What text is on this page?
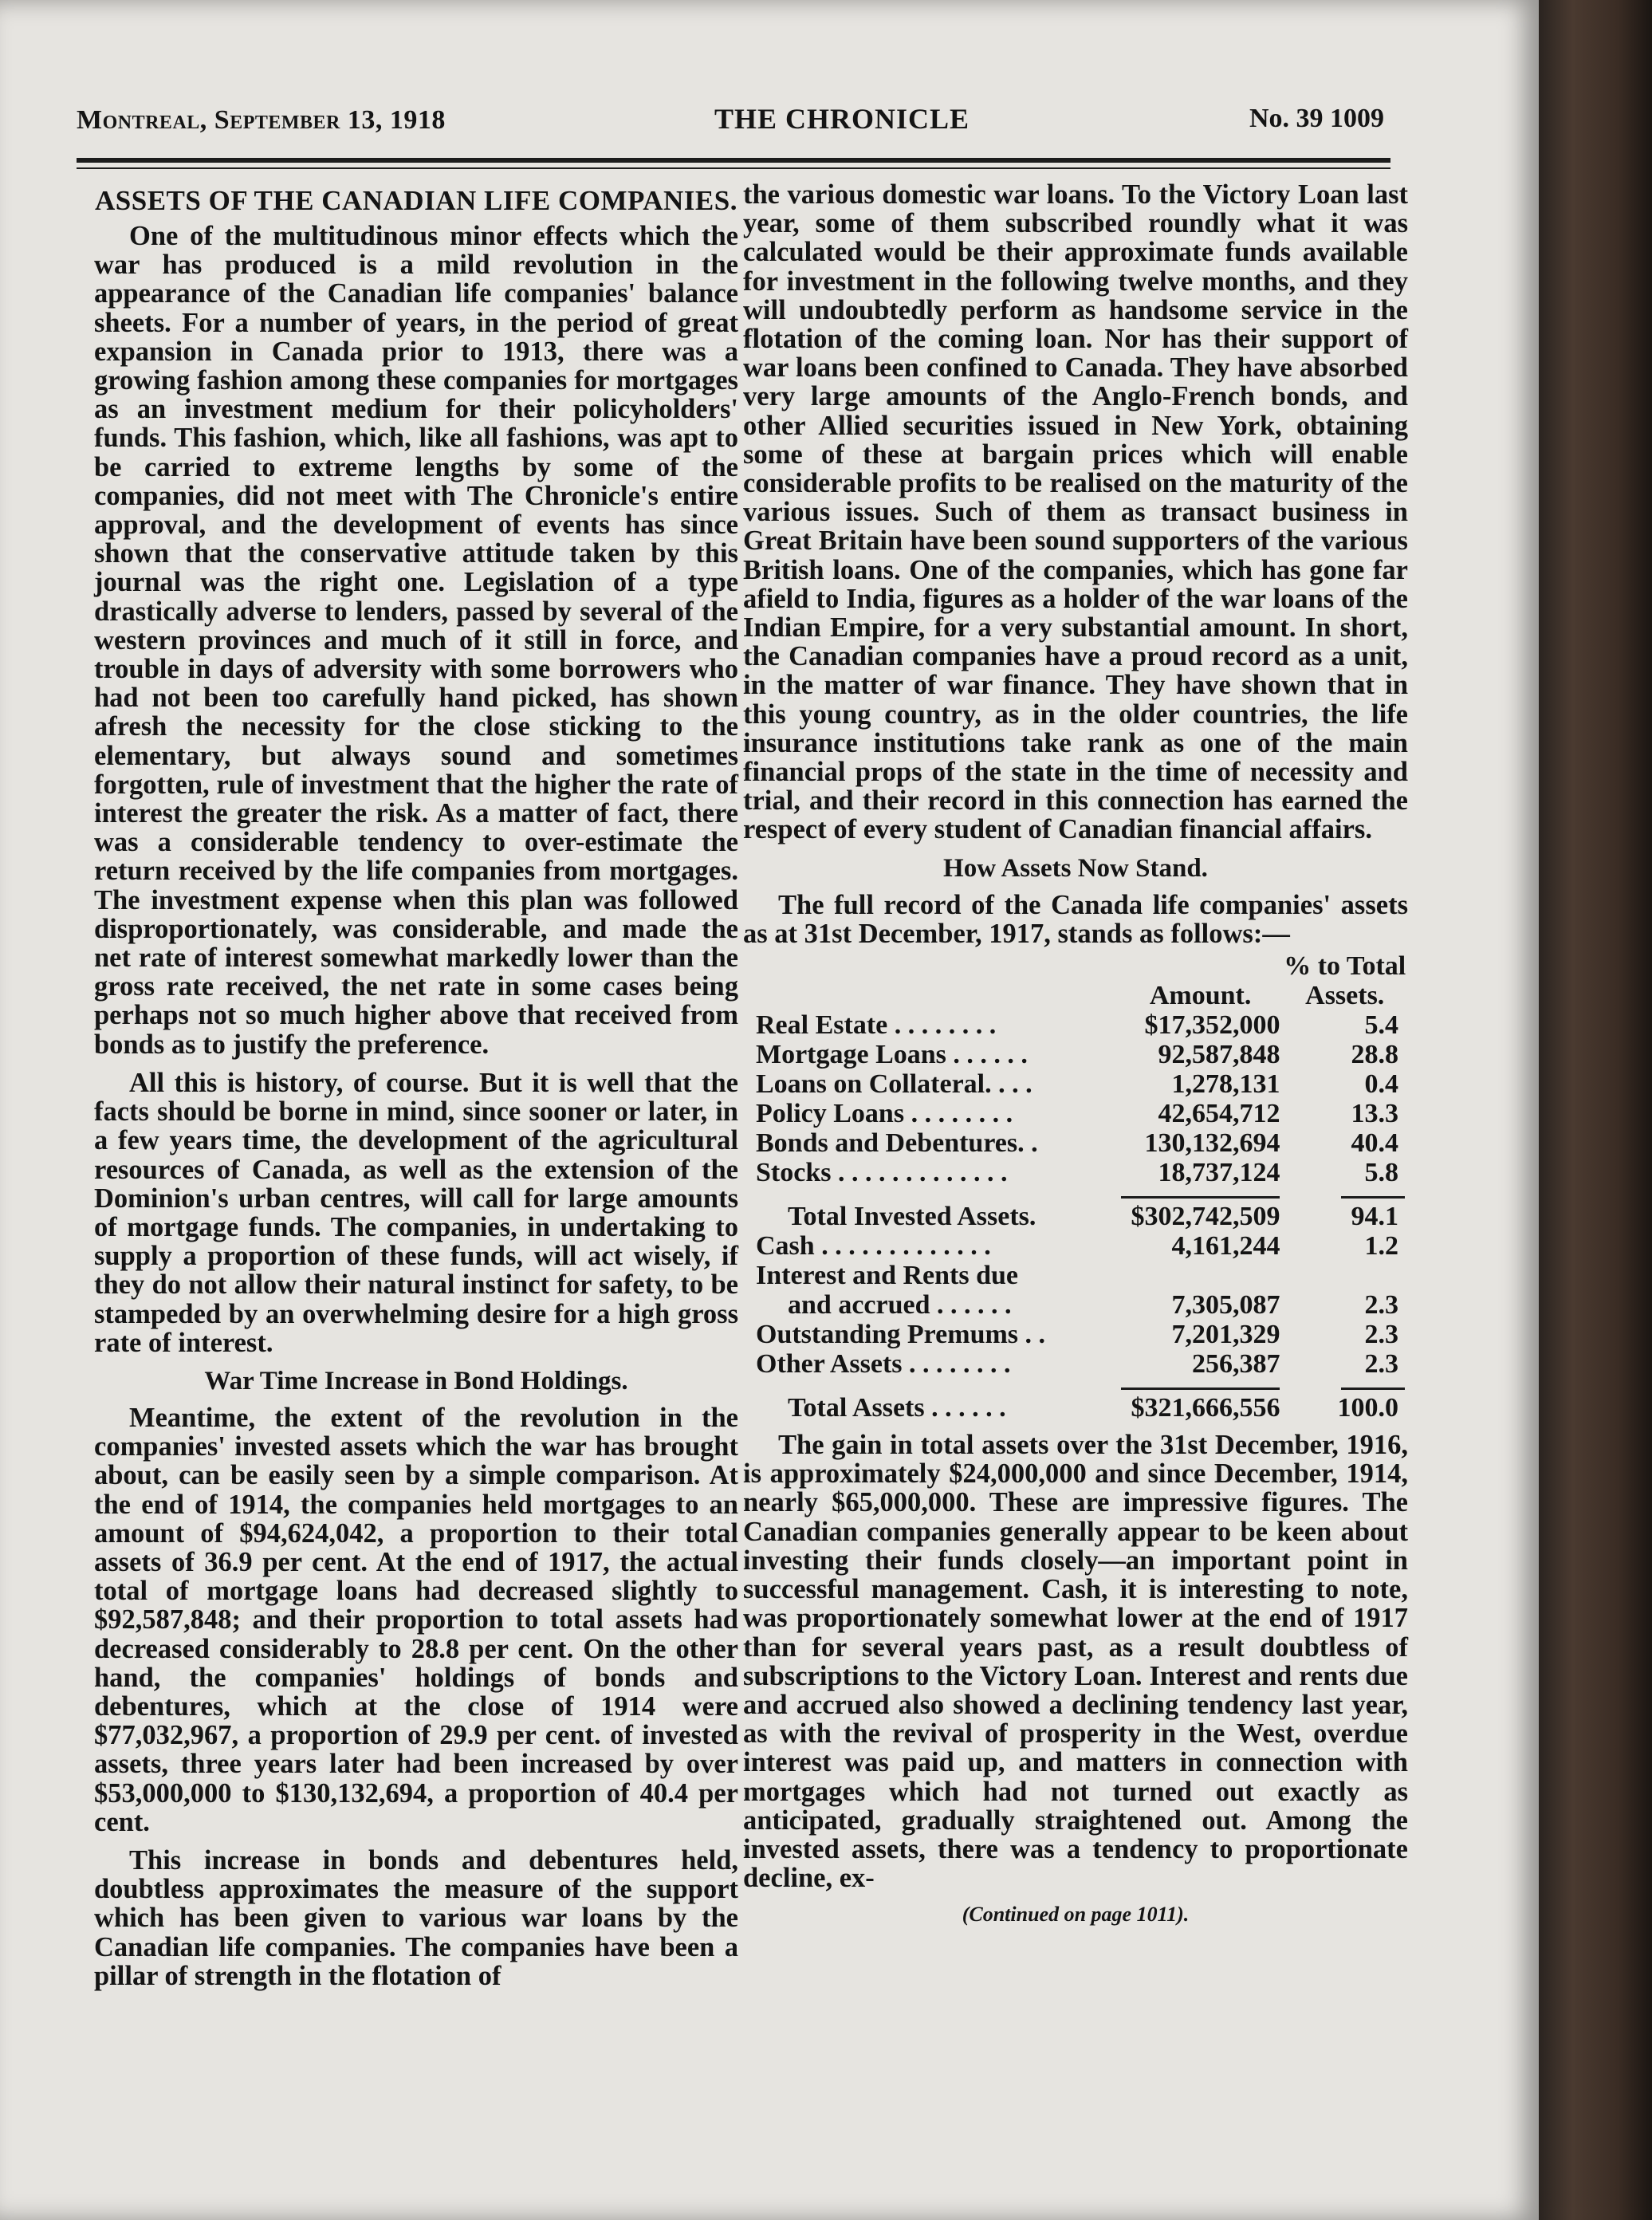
Montreal, September 13, 1918	THE CHRONICLE	No. 39 1009
ASSETS OF THE CANADIAN LIFE COMPANIES.

One of the multitudinous minor effects which the war has produced is a mild revolution in the appearance of the Canadian life companies' balance sheets. For a number of years, in the period of great expansion in Canada prior to 1913, there was a growing fashion among these companies for mortgages as an investment medium for their policyholders' funds. This fashion, which, like all fashions, was apt to be carried to extreme lengths by some of the companies, did not meet with The Chronicle's entire approval, and the development of events has since shown that the conservative attitude taken by this journal was the right one. Legislation of a type drastically adverse to lenders, passed by several of the western provinces and much of it still in force, and trouble in days of adversity with some borrowers who had not been too carefully hand picked, has shown afresh the necessity for the close sticking to the elementary, but always sound and sometimes forgotten, rule of investment that the higher the rate of interest the greater the risk. As a matter of fact, there was a considerable tendency to over-estimate the return received by the life companies from mortgages. The investment expense when this plan was followed disproportionately, was considerable, and made the net rate of interest somewhat markedly lower than the gross rate received, the net rate in some cases being perhaps not so much higher above that received from bonds as to justify the preference.

All this is history, of course. But it is well that the facts should be borne in mind, since sooner or later, in a few years time, the development of the agricultural resources of Canada, as well as the extension of the Dominion's urban centres, will call for large amounts of mortgage funds. The companies, in undertaking to supply a proportion of these funds, will act wisely, if they do not allow their natural instinct for safety, to be stampeded by an overwhelming desire for a high gross rate of interest.

War Time Increase in Bond Holdings.

Meantime, the extent of the revolution in the companies' invested assets which the war has brought about, can be easily seen by a simple comparison. At the end of 1914, the companies held mortgages to an amount of $94,624,042, a proportion to their total assets of 36.9 per cent. At the end of 1917, the actual total of mortgage loans had decreased slightly to $92,587,848; and their proportion to total assets had decreased considerably to 28.8 per cent. On the other hand, the companies' holdings of bonds and debentures, which at the close of 1914 were $77,032,967, a proportion of 29.9 per cent. of invested assets, three years later had been increased by over $53,000,000 to $130,132,694, a proportion of 40.4 per cent.

This increase in bonds and debentures held, doubtless approximates the measure of the support which has been given to various war loans by the Canadian life companies. The companies have been a pillar of strength in the flotation of

the various domestic war loans. To the Victory Loan last year, some of them subscribed roundly what it was calculated would be their approximate funds available for investment in the following twelve months, and they will undoubtedly perform as handsome service in the flotation of the coming loan. Nor has their support of war loans been confined to Canada. They have absorbed very large amounts of the Anglo-French bonds, and other Allied securities issued in New York, obtaining some of these at bargain prices which will enable considerable profits to be realised on the maturity of the various issues. Such of them as transact business in Great Britain have been sound supporters of the various British loans. One of the companies, which has gone far afield to India, figures as a holder of the war loans of the Indian Empire, for a very substantial amount. In short, the Canadian companies have a proud record as a unit, in the matter of war finance. They have shown that in this young country, as in the older countries, the life insurance institutions take rank as one of the main financial props of the state in the time of necessity and trial, and their record in this connection has earned the respect of every student of Canadian financial affairs.

How Assets Now Stand.

The full record of the Canada life companies' assets as at 31st December, 1917, stands as follows:—

		% to Total
	Amount.	Assets.
Real Estate . . . . . . . .	$17,352,000	5.4
Mortgage Loans . . . . . .	92,587,848	28.8
Loans on Collateral. . . .	1,278,131	0.4
Policy Loans . . . . . . . .	42,654,712	13.3
Bonds and Debentures. .	130,132,694	40.4
Stocks . . . . . . . . . . . . .	18,737,124	5.8

Total Invested Assets.	$302,742,509	94.1
Cash . . . . . . . . . . . . .	4,161,244	1.2
Interest and Rents due		
and accrued . . . . . .	7,305,087	2.3
Outstanding Premums . .	7,201,329	2.3
Other Assets . . . . . . . .	256,387	2.3

Total Assets . . . . . .	$321,666,556	100.0

The gain in total assets over the 31st December, 1916, is approximately $24,000,000 and since December, 1914, nearly $65,000,000. These are impressive figures. The Canadian companies generally appear to be keen about investing their funds closely—an important point in successful management. Cash, it is interesting to note, was proportionately somewhat lower at the end of 1917 than for several years past, as a result doubtless of subscriptions to the Victory Loan. Interest and rents due and accrued also showed a declining tendency last year, as with the revival of prosperity in the West, overdue interest was paid up, and matters in connection with mortgages which had not turned out exactly as anticipated, gradually straightened out. Among the invested assets, there was a tendency to proportionate decline, ex-

(Continued on page 1011).
